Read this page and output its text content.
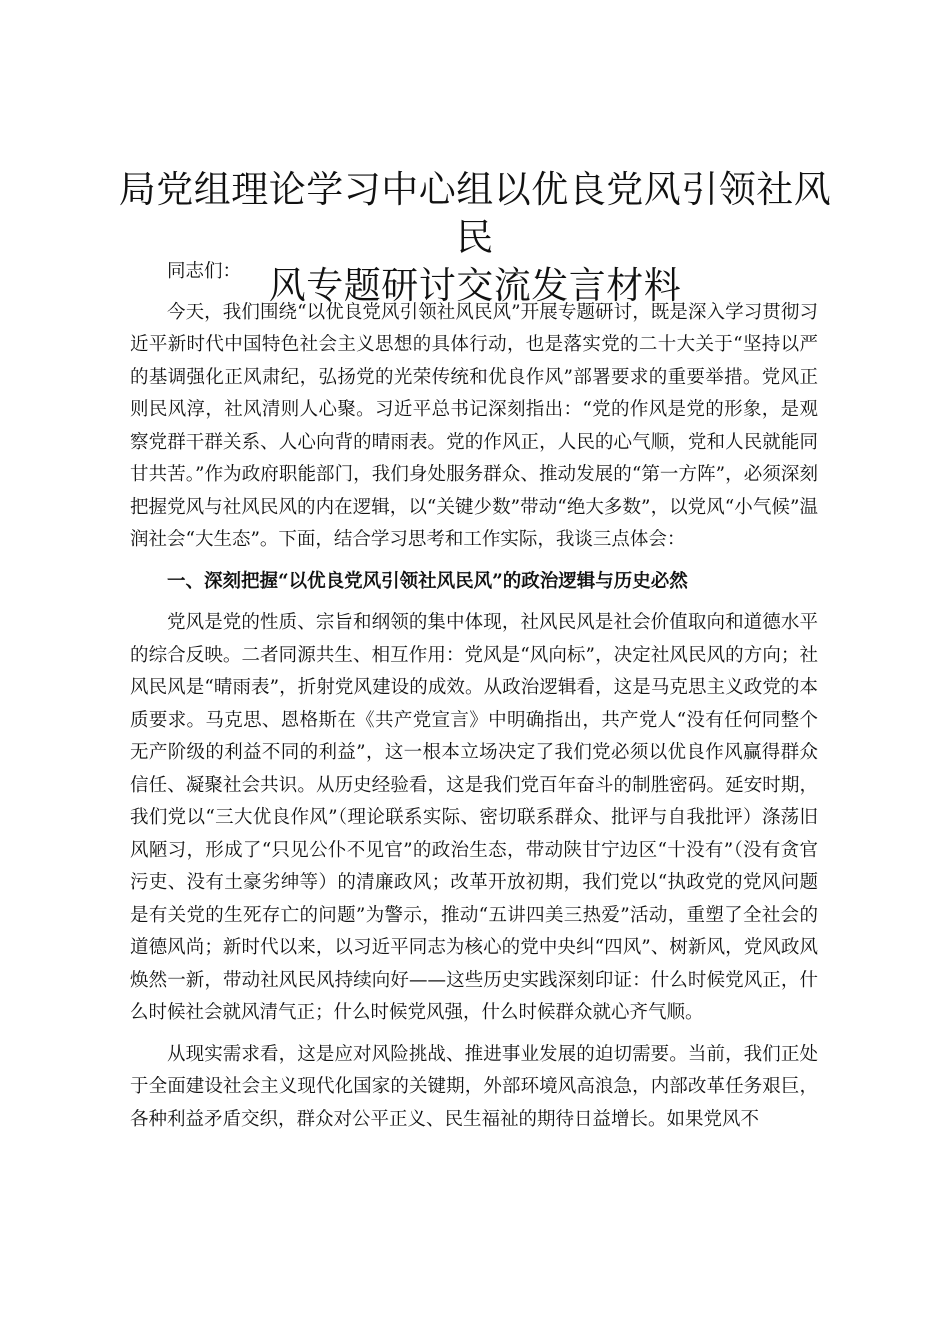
局党组理论学习中心组以优良党风引领社风民
风专题研讨交流发言材料

同志们：

今天，我们围绕“以优良党风引领社风民风”开展专题研讨，既是深入学习贯彻习近平新时代中国特色社会主义思想的具体行动，也是落实党的二十大关于“坚持以严的基调强化正风肃纪，弘扬党的光荣传统和优良作风”部署要求的重要举措。党风正则民风淳，社风清则人心聚。习近平总书记深刻指出：“党的作风是党的形象，是观察党群干群关系、人心向背的晴雨表。党的作风正，人民的心气顺，党和人民就能同甘共苦。”作为政府职能部门，我们身处服务群众、推动发展的“第一方阵”，必须深刻把握党风与社风民风的内在逻辑，以“关键少数”带动“绝大多数”，以党风“小气候”温润社会“大生态”。下面，结合学习思考和工作实际，我谈三点体会：

一、深刻把握“以优良党风引领社风民风”的政治逻辑与历史必然

党风是党的性质、宗旨和纲领的集中体现，社风民风是社会价值取向和道德水平的综合反映。二者同源共生、相互作用：党风是“风向标”，决定社风民风的方向；社风民风是“晴雨表”，折射党风建设的成效。从政治逻辑看，这是马克思主义政党的本质要求。马克思、恩格斯在《共产党宣言》中明确指出，共产党人“没有任何同整个无产阶级的利益不同的利益”，这一根本立场决定了我们党必须以优良作风赢得群众信任、凝聚社会共识。从历史经验看，这是我们党百年奋斗的制胜密码。延安时期，我们党以“三大优良作风”（理论联系实际、密切联系群众、批评与自我批评）涤荡旧风陋习，形成了“只见公仆不见官”的政治生态，带动陕甘宁边区“十没有”（没有贪官污吏、没有土豪劣绅等）的清廉政风；改革开放初期，我们党以“执政党的党风问题是有关党的生死存亡的问题”为警示，推动“五讲四美三热爱”活动，重塑了全社会的道德风尚；新时代以来，以习近平同志为核心的党中央纠“四风”、树新风，党风政风焕然一新，带动社风民风持续向好——这些历史实践深刻印证：什么时候党风正，什么时候社会就风清气正；什么时候党风强，什么时候群众就心齐气顺。

从现实需求看，这是应对风险挑战、推进事业发展的迫切需要。当前，我们正处于全面建设社会主义现代化国家的关键期，外部环境风高浪急，内部改革任务艰巨，各种利益矛盾交织，群众对公平正义、民生福祉的期待日益增长。如果党风不
